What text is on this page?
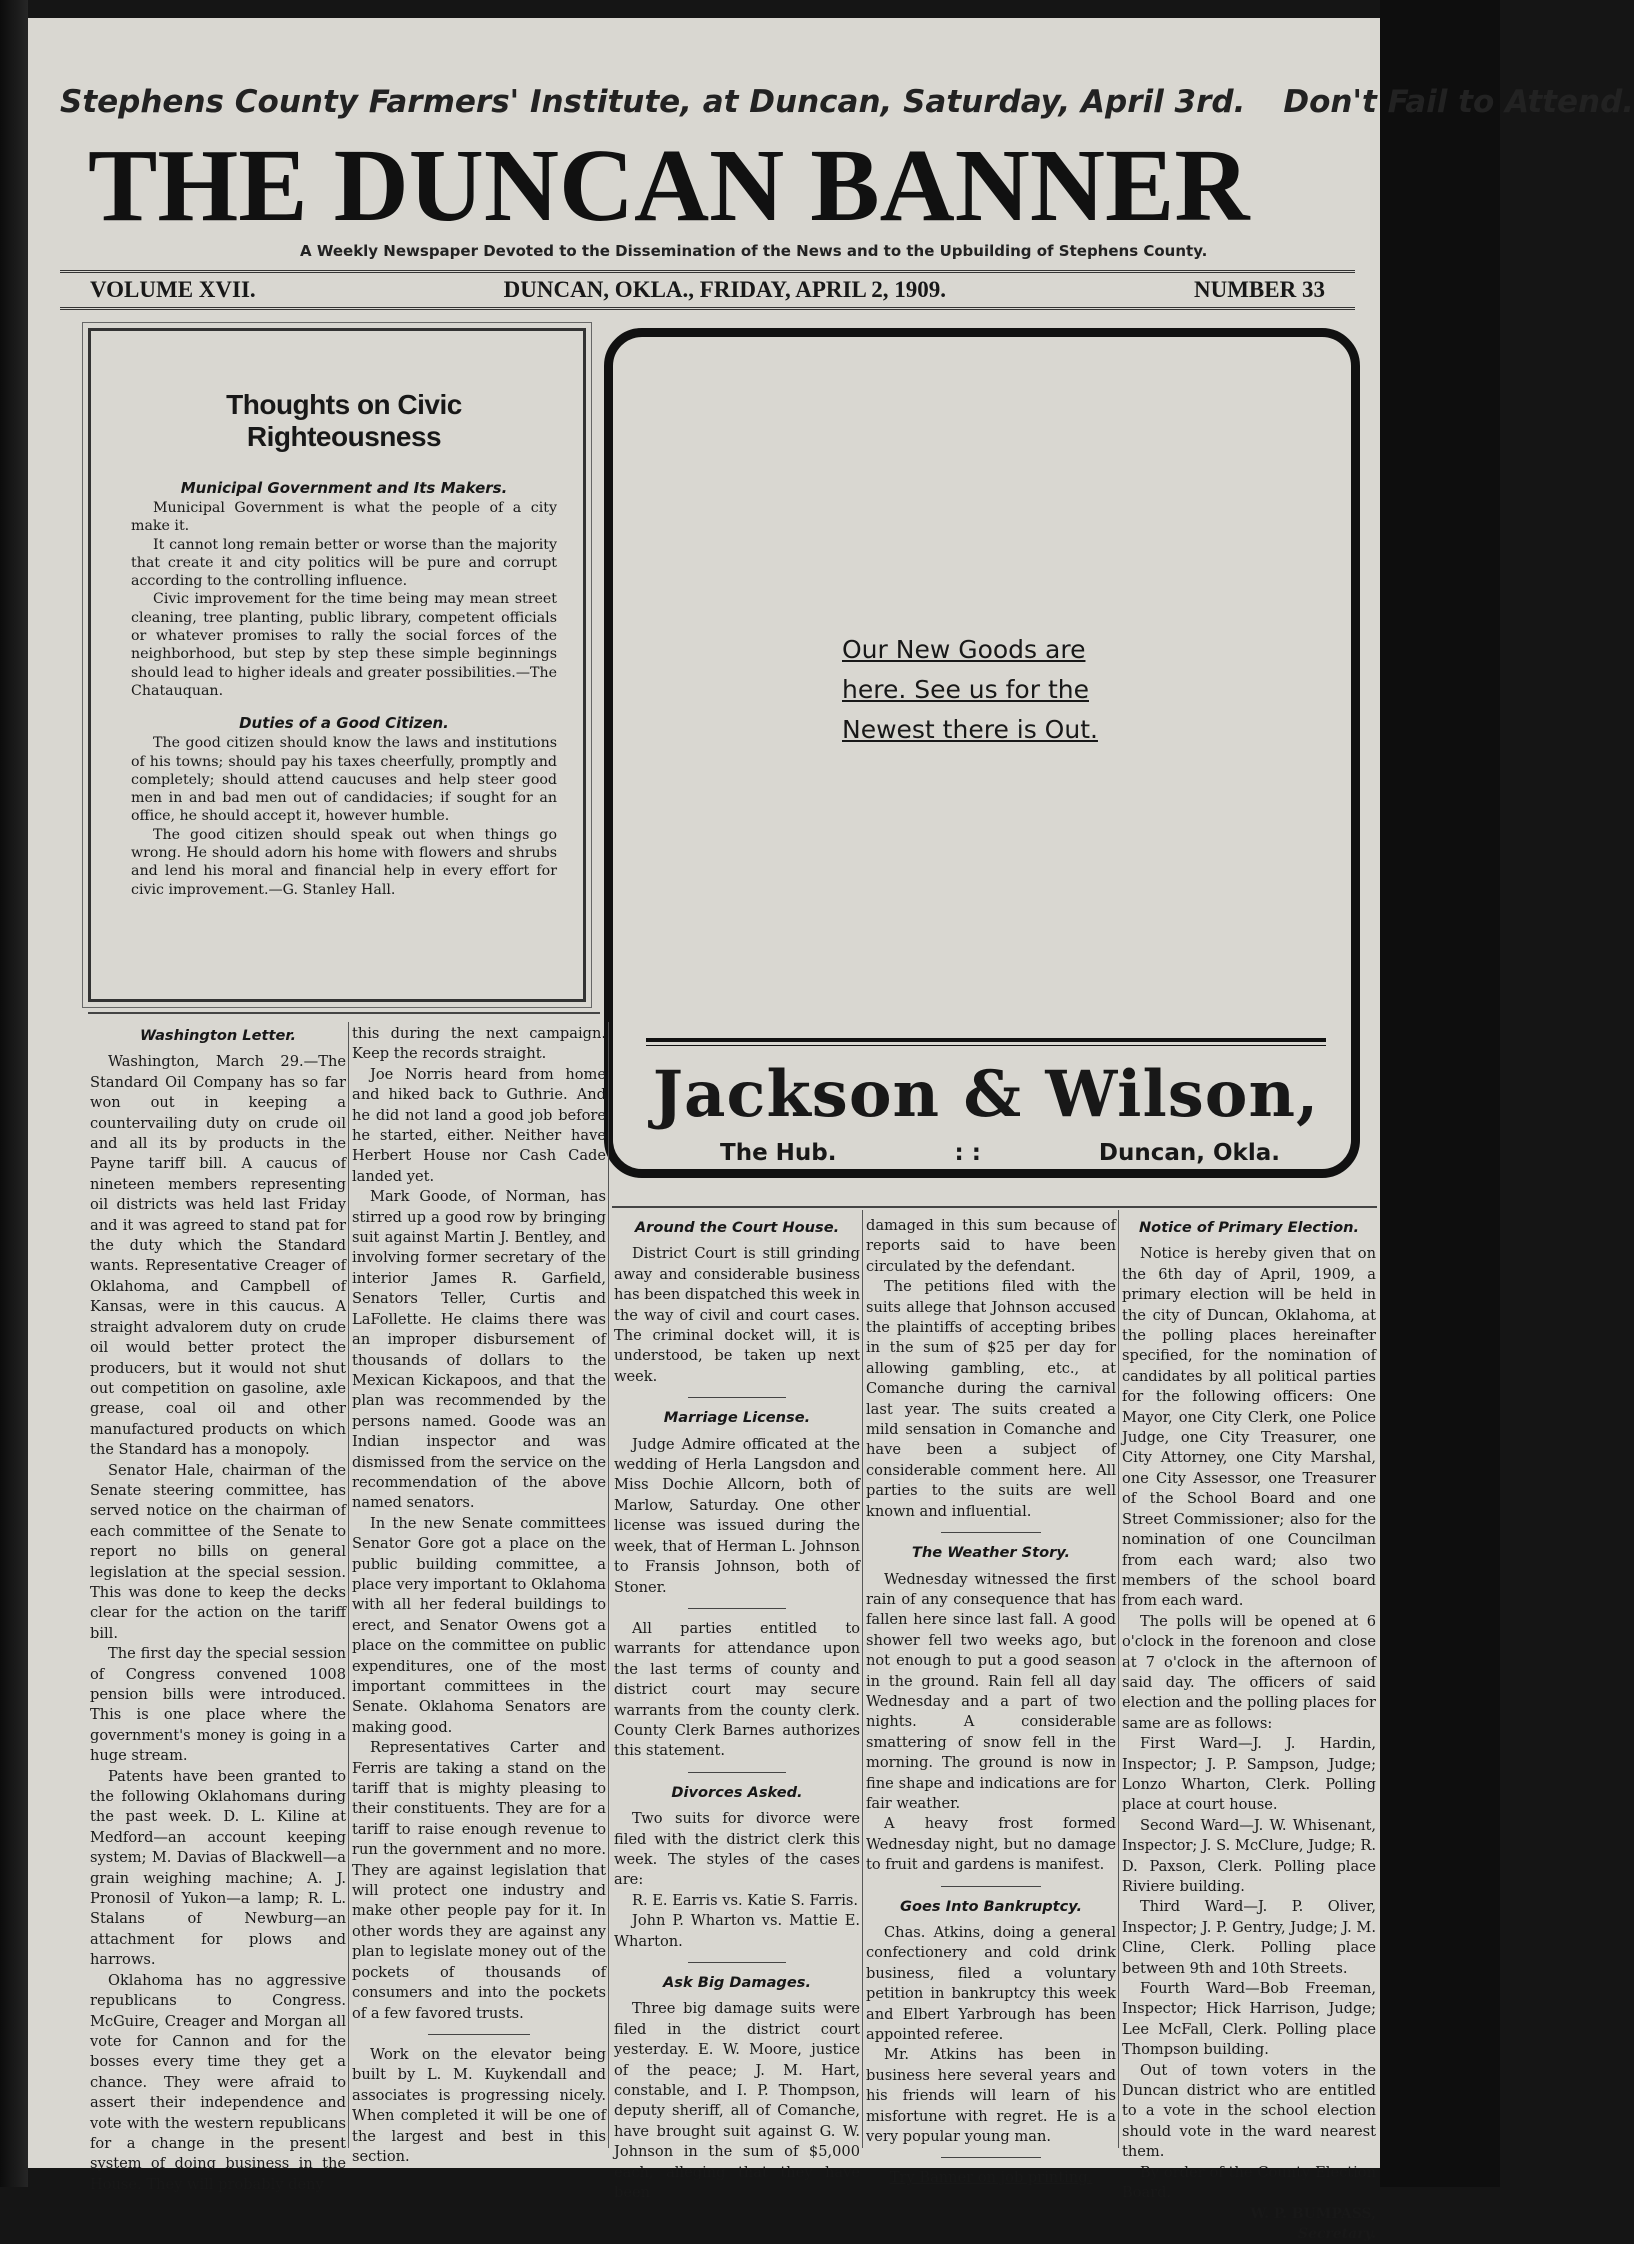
Stephens County Farmers' Institute, at Duncan, Saturday, April 3rd. Don't Fail to Attend.
THE DUNCAN BANNER
A Weekly Newspaper Devoted to the Dissemination of the News and to the Upbuilding of Stephens County.
VOLUME XVII.	DUNCAN, OKLA., FRIDAY, APRIL 2, 1909.	NUMBER 33
Thoughts on Civic Righteousness
Municipal Government and Its Makers.

Municipal Government is what the people of a city make it.

It cannot long remain better or worse than the majority that create it and city politics will be pure and corrupt according to the controlling influence.

Civic improvement for the time being may mean street cleaning, tree planting, public library, competent officials or whatever promises to rally the social forces of the neighborhood, but step by step these simple beginnings should lead to higher ideals and greater possibilities.—The Chatauquan.

Duties of a Good Citizen.

The good citizen should know the laws and institutions of his towns; should pay his taxes cheerfully, promptly and completely; should attend caucuses and help steer good men in and bad men out of candidacies; if sought for an office, he should accept it, however humble.

The good citizen should speak out when things go wrong. He should adorn his home with flowers and shrubs and lend his moral and financial help in every effort for civic improvement.—G. Stanley Hall.

Our New Goods are
here. See us for the
Newest there is Out.
Jackson & Wilson,
The Hub.	: :	Duncan, Okla.
Washington Letter.

Washington, March 29.—The Standard Oil Company has so far won out in keeping a countervailing duty on crude oil and all its by products in the Payne tariff bill. A caucus of nineteen members representing oil districts was held last Friday and it was agreed to stand pat for the duty which the Standard wants. Representative Creager of Oklahoma, and Campbell of Kansas, were in this caucus. A straight advalorem duty on crude oil would better protect the producers, but it would not shut out competition on gasoline, axle grease, coal oil and other manufactured products on which the Standard has a monopoly.

Senator Hale, chairman of the Senate steering committee, has served notice on the chairman of each committee of the Senate to report no bills on general legislation at the special session. This was done to keep the decks clear for the action on the tariff bill.

The first day the special session of Congress convened 1008 pension bills were introduced. This is one place where the government's money is going in a huge stream.

Patents have been granted to the following Oklahomans during the past week. D. L. Kiline at Medford—an account keeping system; M. Davias of Blackwell—a grain weighing machine; A. J. Pronosil of Yukon—a lamp; R. L. Stalans of Newburg—an attachment for plows and harrows.

Oklahoma has no aggressive republicans to Congress. McGuire, Creager and Morgan all vote for Cannon and for the bosses every time they get a chance. They were afraid to assert their independence and vote with the western republicans for a change in the present system of doing business in the House. They will probably deny

this during the next campaign. Keep the records straight.

Joe Norris heard from home and hiked back to Guthrie. And he did not land a good job before he started, either. Neither have Herbert House nor Cash Cade landed yet.

Mark Goode, of Norman, has stirred up a good row by bringing suit against Martin J. Bentley, and involving former secretary of the interior James R. Garfield, Senators Teller, Curtis and LaFollette. He claims there was an improper disbursement of thousands of dollars to the Mexican Kickapoos, and that the plan was recommended by the persons named. Goode was an Indian inspector and was dismissed from the service on the recommendation of the above named senators.

In the new Senate committees Senator Gore got a place on the public building committee, a place very important to Oklahoma with all her federal buildings to erect, and Senator Owens got a place on the committee on public expenditures, one of the most important committees in the Senate. Oklahoma Senators are making good.

Representatives Carter and Ferris are taking a stand on the tariff that is mighty pleasing to their constituents. They are for a tariff to raise enough revenue to run the government and no more. They are against legislation that will protect one industry and make other people pay for it. In other words they are against any plan to legislate money out of the pockets of thousands of consumers and into the pockets of a few favored trusts.

Work on the elevator being built by L. M. Kuykendall and associates is progressing nicely. When completed it will be one of the largest and best in this section.

Around the Court House.

District Court is still grinding away and considerable business has been dispatched this week in the way of civil and court cases. The criminal docket will, it is understood, be taken up next week.

Marriage License.

Judge Admire officated at the wedding of Herla Langsdon and Miss Dochie Allcorn, both of Marlow, Saturday. One other license was issued during the week, that of Herman L. Johnson to Fransis Johnson, both of Stoner.

All parties entitled to warrants for attendance upon the last terms of county and district court may secure warrants from the county clerk. County Clerk Barnes authorizes this statement.

Divorces Asked.

Two suits for divorce were filed with the district clerk this week. The styles of the cases are:

R. E. Earris vs. Katie S. Farris.

John P. Wharton vs. Mattie E. Wharton.

Ask Big Damages.

Three big damage suits were filed in the district court yesterday. E. W. Moore, justice of the peace; J. M. Hart, constable, and I. P. Thompson, deputy sheriff, all of Comanche, have brought suit against G. W. Johnson in the sum of $5,000 each, alleging that they have been

damaged in this sum because of reports said to have been circulated by the defendant.

The petitions filed with the suits allege that Johnson accused the plaintiffs of accepting bribes in the sum of $25 per day for allowing gambling, etc., at Comanche during the carnival last year. The suits created a mild sensation in Comanche and have been a subject of considerable comment here. All parties to the suits are well known and influential.

The Weather Story.

Wednesday witnessed the first rain of any consequence that has fallen here since last fall. A good shower fell two weeks ago, but not enough to put a good season in the ground. Rain fell all day Wednesday and a part of two nights. A considerable smattering of snow fell in the morning. The ground is now in fine shape and indications are for fair weather.

A heavy frost formed Wednesday night, but no damage to fruit and gardens is manifest.

Goes Into Bankruptcy.

Chas. Atkins, doing a general confectionery and cold drink business, filed a voluntary petition in bankruptcy this week and Elbert Yarbrough has been appointed referee.

Mr. Atkins has been in business here several years and his friends will learn of his misfortune with regret. He is a very popular young man.

Try Banner on job printing.

Notice of Primary Election.

Notice is hereby given that on the 6th day of April, 1909, a primary election will be held in the city of Duncan, Oklahoma, at the polling places hereinafter specified, for the nomination of candidates by all political parties for the following officers: One Mayor, one City Clerk, one Police Judge, one City Treasurer, one City Attorney, one City Marshal, one City Assessor, one Treasurer of the School Board and one Street Commissioner; also for the nomination of one Councilman from each ward; also two members of the school board from each ward.

The polls will be opened at 6 o'clock in the forenoon and close at 7 o'clock in the afternoon of said day. The officers of said election and the polling places for same are as follows:

First Ward—J. J. Hardin, Inspector; J. P. Sampson, Judge; Lonzo Wharton, Clerk. Polling place at court house.

Second Ward—J. W. Whisenant, Inspector; J. S. McClure, Judge; R. D. Paxson, Clerk. Polling place Riviere building.

Third Ward—J. P. Oliver, Inspector; J. P. Gentry, Judge; J. M. Cline, Clerk. Polling place between 9th and 10th Streets.

Fourth Ward—Bob Freeman, Inspector; Hick Harrison, Judge; Lee McFall, Clerk. Polling place Thompson building.

Out of town voters in the Duncan district who are entitled to a vote in the school election should vote in the ward nearest them.

By order of the County Election Board.

W. P. BUMPASS,
Secretary.
